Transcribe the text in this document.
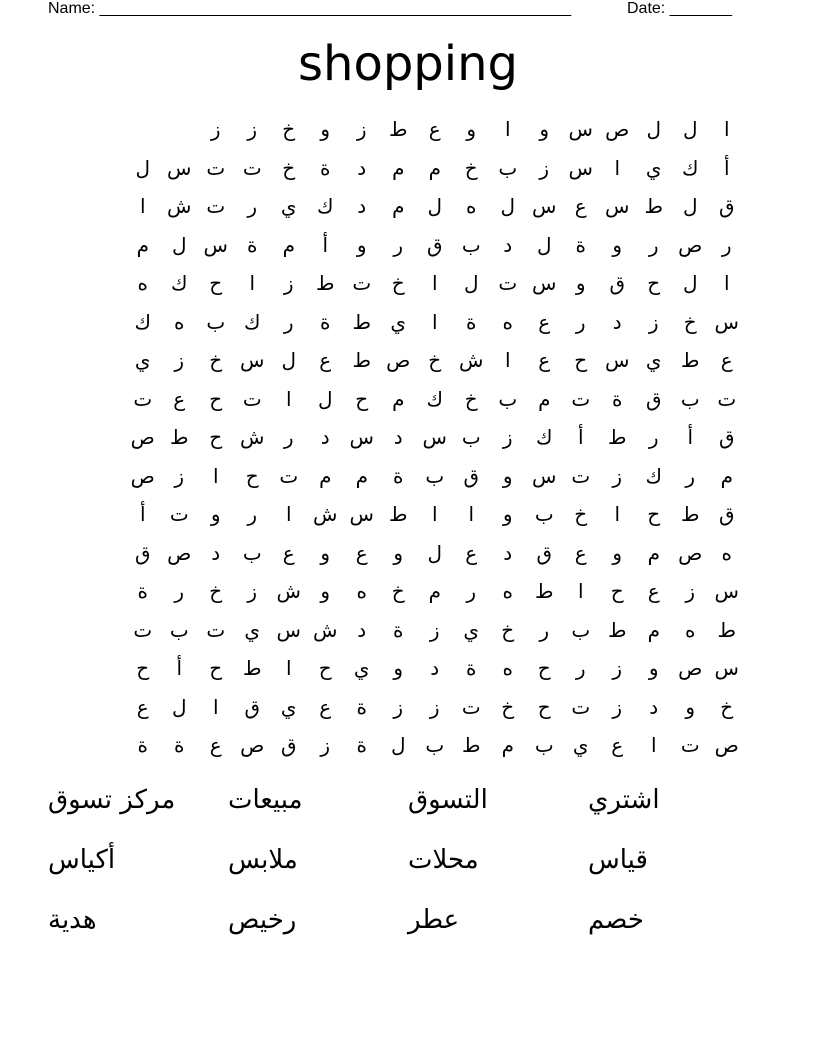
Name: _____________________________________________________	Date: _______
shopping
ا
ل
ل
ص
س
و
ا
و
ع
ط
ز
و
خ
ز
ز
أ
ك
ي
ا
س
ز
ب
خ
م
م
د
ة
خ
ت
ت
س
ل
ق
ل
ط
س
ع
س
ل
ه
ل
م
د
ك
ي
ر
ت
ش
ا
ر
ص
ر
و
ة
ل
د
ب
ق
ر
و
أ
م
ة
س
ل
م
ا
ل
ح
ق
و
س
ت
ل
ا
خ
ت
ط
ز
ا
ح
ك
ه
س
خ
ز
د
ر
ع
ه
ة
ا
ي
ط
ة
ر
ك
ب
ه
ك
ع
ط
ي
س
ح
ع
ا
ش
خ
ص
ط
ع
ل
س
خ
ز
ي
ت
ب
ق
ة
ت
م
ب
خ
ك
م
ح
ل
ا
ت
ح
ع
ت
ق
أ
ر
ط
أ
ك
ز
ب
س
د
س
د
ر
ش
ح
ط
ص
م
ر
ك
ز
ت
س
و
ق
ب
ة
م
م
ت
ح
ا
ز
ص
ق
ط
ح
ا
خ
ب
و
ا
ا
ط
س
ش
ا
ر
و
ت
أ
ه
ص
م
و
ع
ق
د
ع
ل
و
ع
و
ع
ب
د
ص
ق
س
ز
ع
ح
ا
ط
ه
ر
م
خ
ه
و
ش
ز
خ
ر
ة
ط
ه
م
ط
ب
ر
خ
ي
ز
ة
د
ش
س
ي
ت
ب
ت
س
ص
و
ز
ر
ح
ه
ة
د
و
ي
ح
ا
ط
ح
أ
ح
خ
و
د
ز
ت
ح
خ
ت
ز
ز
ة
ع
ي
ق
ا
ل
ع
ص
ت
ا
ع
ي
ب
م
ط
ب
ل
ة
ز
ق
ص
ع
ة
ة
اشتري
التسوق
مبيعات
مركز تسوق
قياس
محلات
ملابس
أكياس
خصم
عطر
رخيص
هدية
